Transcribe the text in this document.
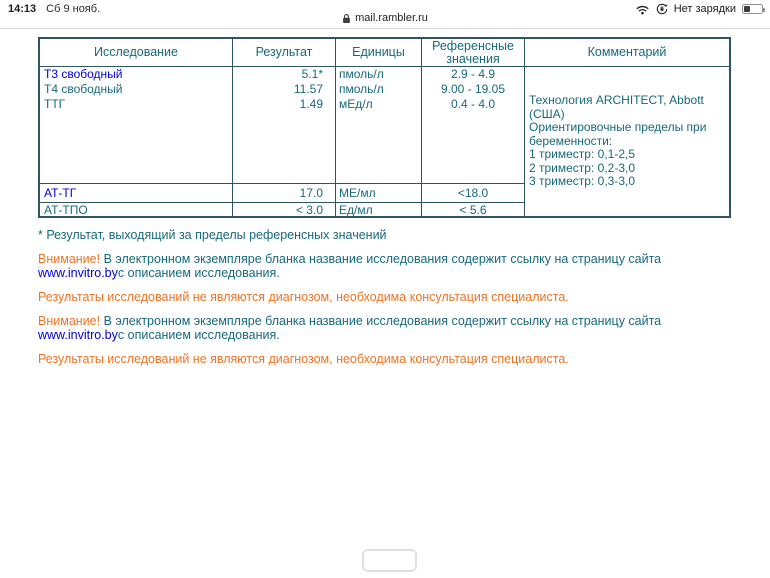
14:13 Сб 9 нояб.
mail.rambler.ru
Нет зарядки
Исследование	Результат	Единицы	Референсные значения	Комментарий
Т3 свободный	5.1*	пмоль/л	2.9 - 4.9
Т4 свободный	11.57	пмоль/л	9.00 - 19.05
ТТГ	1.49	мЕд/л	0.4 - 4.0
АТ-ТГ	17.0	МЕ/мл	<18.0
АТ-ТПО	< 3.0	Ед/мл	< 5.6
Технология ARCHITECT, Abbott (США)
Ориентировочные пределы при беременности:
1 триместр: 0,1-2,5
2 триместр: 0,2-3,0
3 триместр: 0,3-3,0

* Результат, выходящий за пределы референсных значений

Внимание! В электронном экземпляре бланка название исследования содержит ссылку на страницу сайта
www.invitro.byс описанием исследования.

Результаты исследований не являются диагнозом, необходима консультация специалиста.

Внимание! В электронном экземпляре бланка название исследования содержит ссылку на страницу сайта
www.invitro.byс описанием исследования.

Результаты исследований не являются диагнозом, необходима консультация специалиста.
